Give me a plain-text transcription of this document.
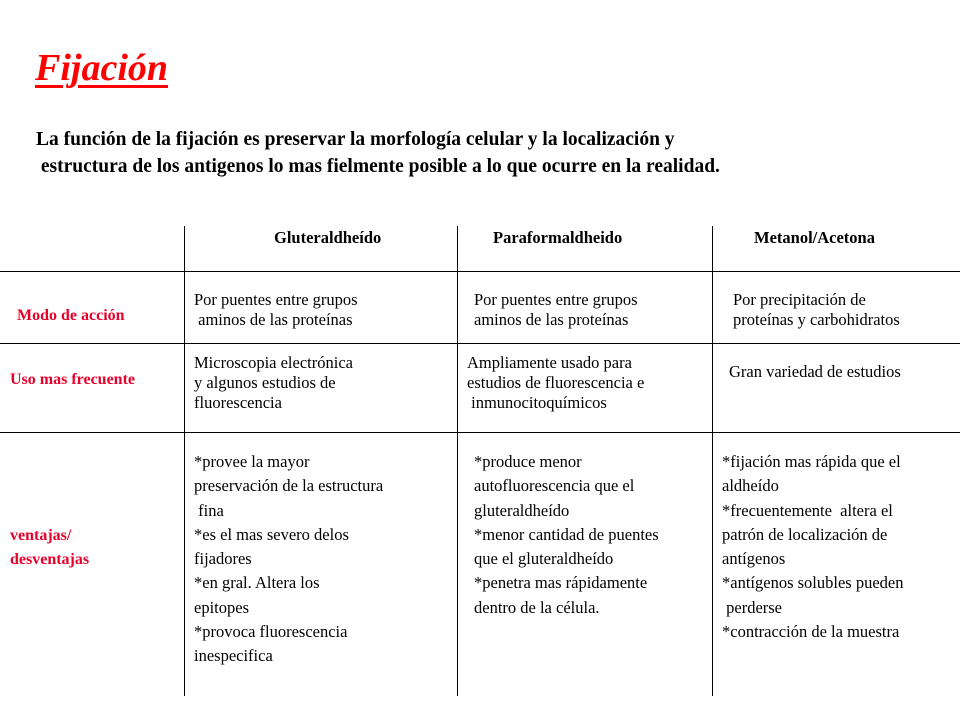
Fijación
La función de la fijación es preservar la morfología celular y la localización y
estructura de los antigenos lo mas fielmente posible a lo que ocurre en la realidad.
Gluteraldheído	Paraformaldheido	Metanol/Acetona
Modo de acción
Por puentes entre grupos
aminos de las proteínas
Por puentes entre grupos
aminos de las proteínas
Por precipitación de
proteínas y carbohidratos
Uso mas frecuente
Microscopia electrónica
y algunos estudios de
fluorescencia
Ampliamente usado para
estudios de fluorescencia e
inmunocitoquímicos
Gran variedad de estudios
ventajas/
desventajas
*provee la mayor
preservación de la estructura
fina
*es el mas severo delos
fijadores
*en gral. Altera los
epitopes
*provoca fluorescencia
inespecifica
*produce menor
autofluorescencia que el
gluteraldheído
*menor cantidad de puentes
que el gluteraldheído
*penetra mas rápidamente
dentro de la célula.
*fijación mas rápida que el
aldheído
*frecuentemente  altera el
patrón de localización de
antígenos
*antígenos solubles pueden
perderse
*contracción de la muestra
